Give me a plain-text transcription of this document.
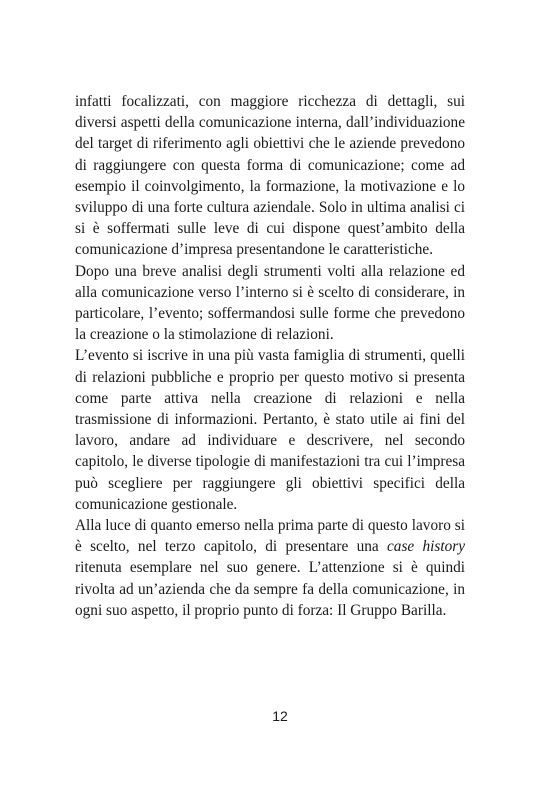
infatti focalizzati, con maggiore ricchezza di dettagli, sui diversi aspetti della comunicazione interna, dall’individuazione del target di riferimento agli obiettivi che le aziende prevedono di raggiungere con questa forma di comunicazione; come ad esempio il coinvolgimento, la formazione, la motivazione e lo sviluppo di una forte cultura aziendale. Solo in ultima analisi ci si è soffermati sulle leve di cui dispone quest’ambito della comunicazione d’impresa presentandone le caratteristiche.

Dopo una breve analisi degli strumenti volti alla relazione ed alla comunicazione verso l’interno si è scelto di considerare, in particolare, l’evento; soffermandosi sulle forme che prevedono la creazione o la stimolazione di relazioni.

L’evento si iscrive in una più vasta famiglia di strumenti, quelli di relazioni pubbliche e proprio per questo motivo si presenta come parte attiva nella creazione di relazioni e nella trasmissione di informazioni. Pertanto, è stato utile ai fini del lavoro, andare ad individuare e descrivere, nel secondo capitolo, le diverse tipologie di manifestazioni tra cui l’impresa può scegliere per raggiungere gli obiettivi specifici della comunicazione gestionale.

Alla luce di quanto emerso nella prima parte di questo lavoro si è scelto, nel terzo capitolo, di presentare una case history ritenuta esemplare nel suo genere. L’attenzione si è quindi rivolta ad un’azienda che da sempre fa della comunicazione, in ogni suo aspetto, il proprio punto di forza: Il Gruppo Barilla.

12
